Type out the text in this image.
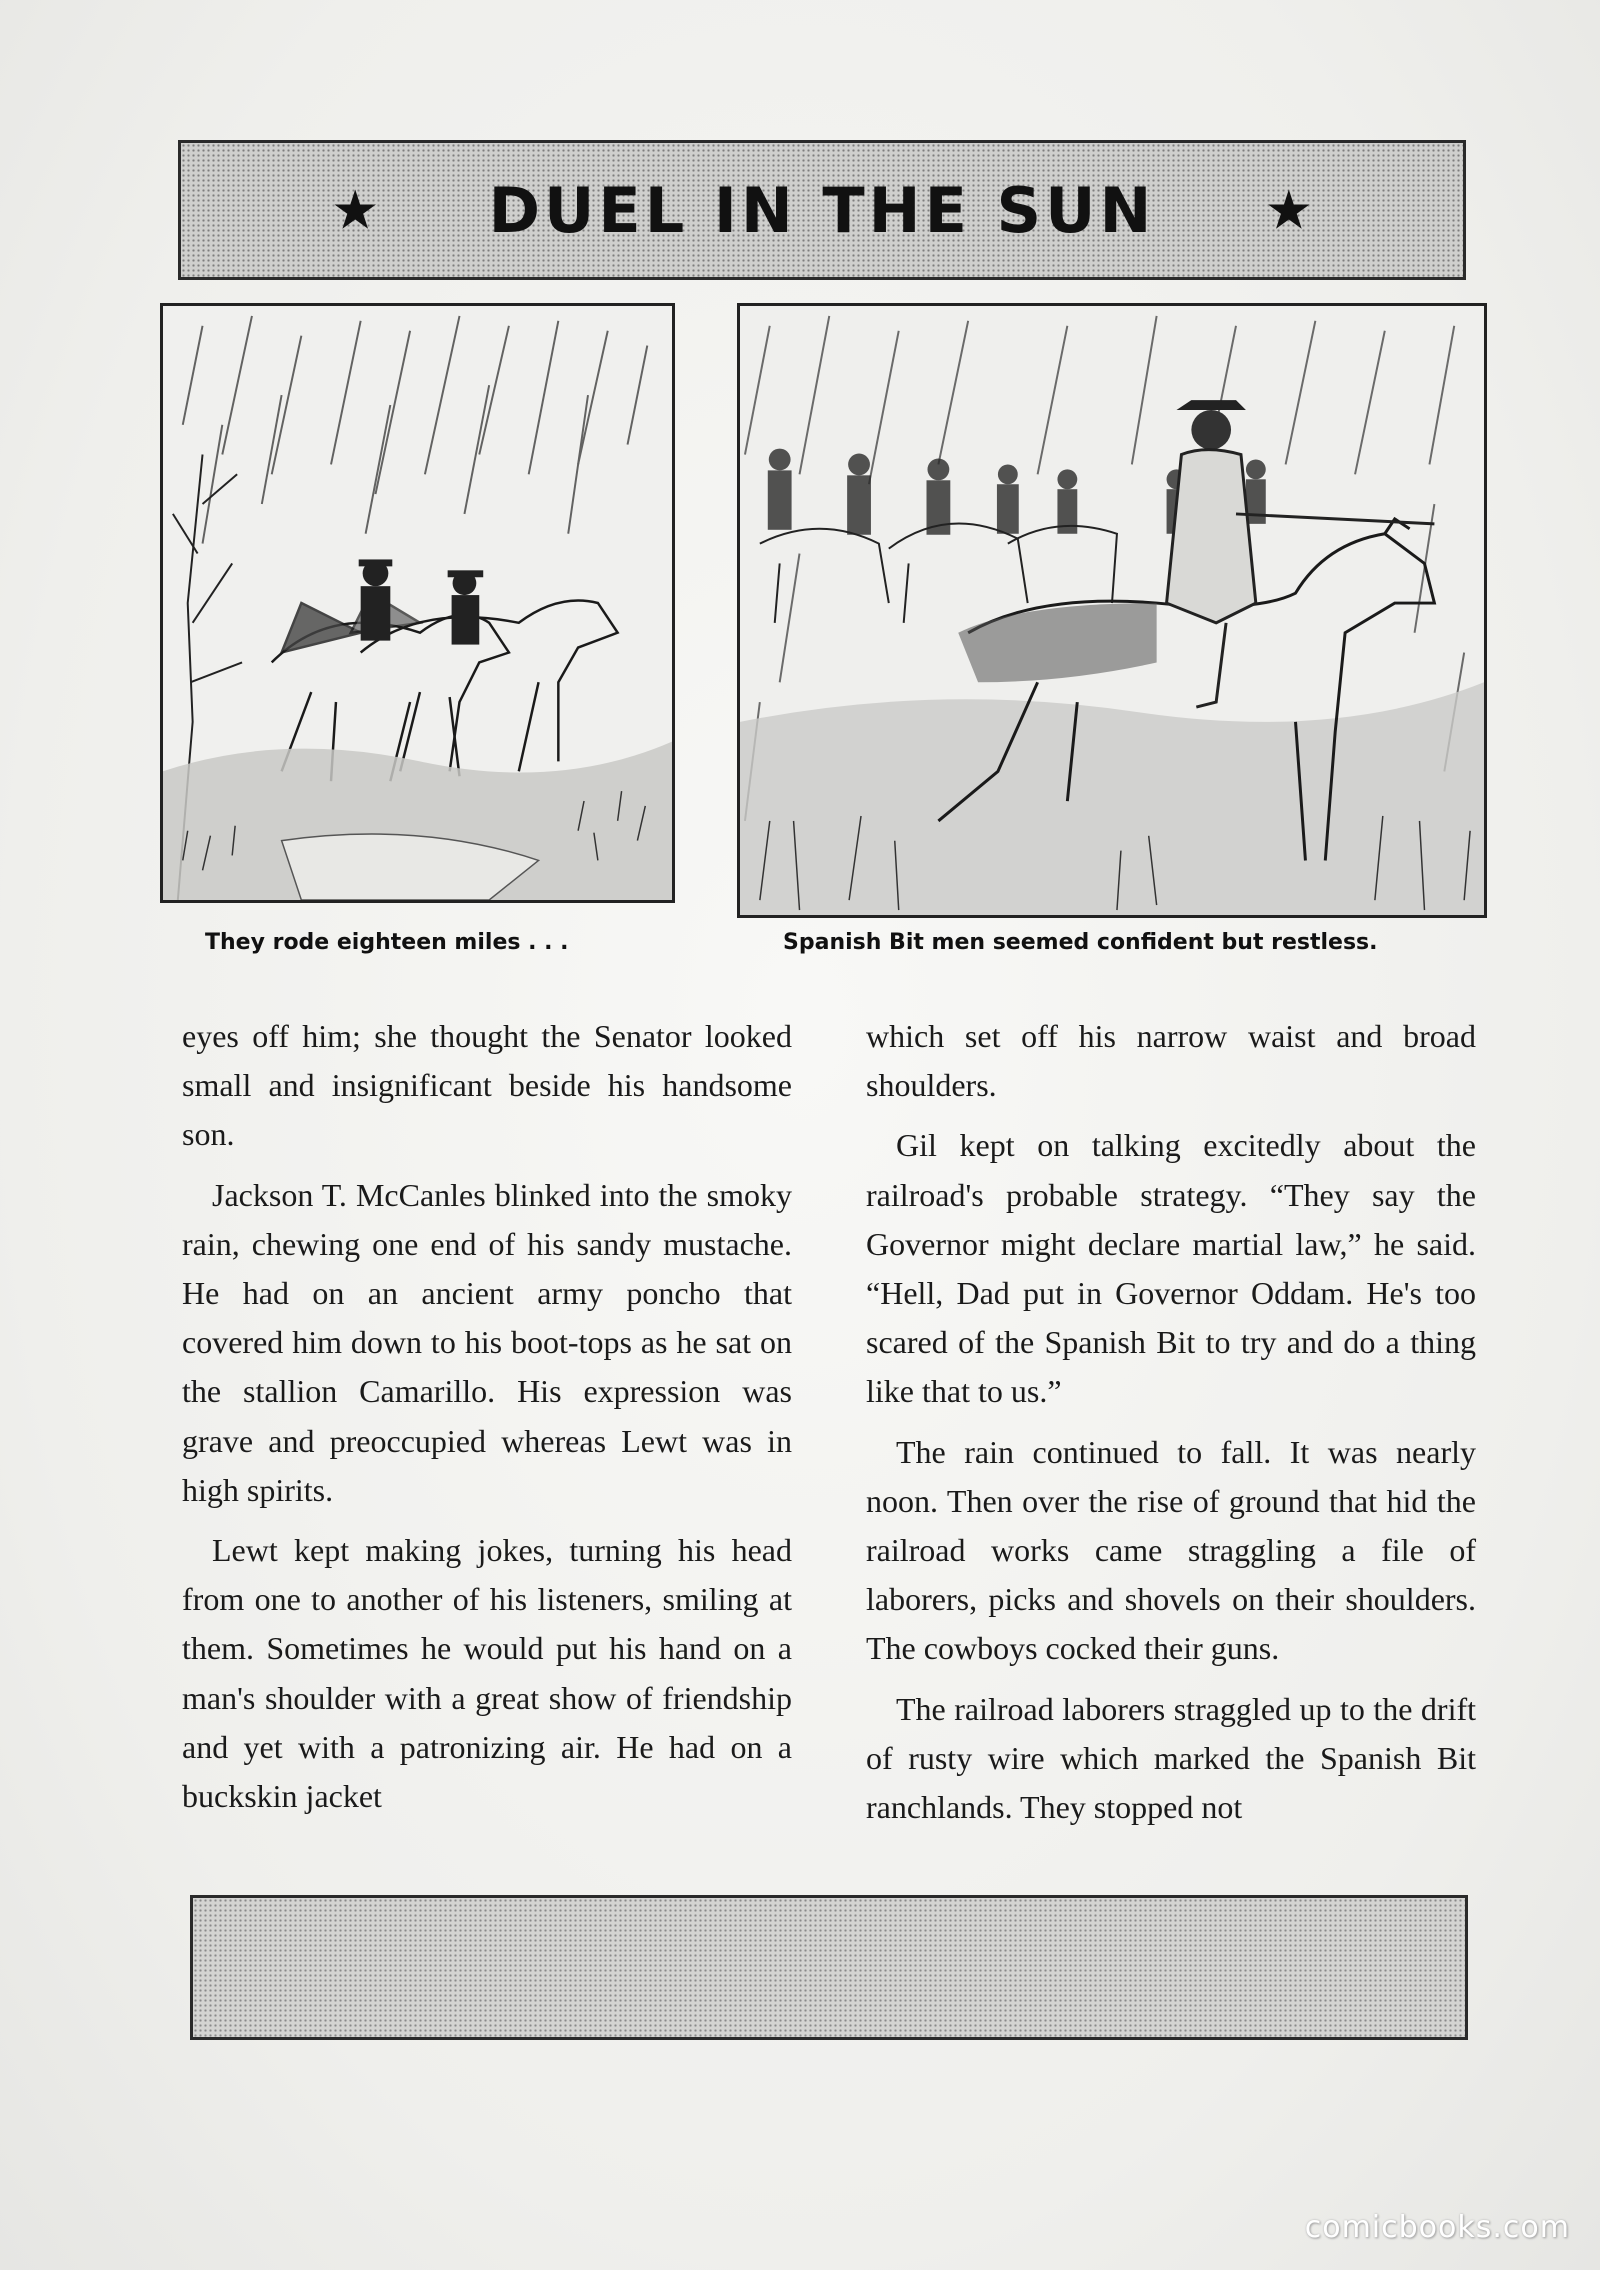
★ DUEL IN THE SUN ★
They rode eighteen miles . . .	Spanish Bit men seemed confident but restless.

eyes off him; she thought the Senator looked small and insignificant beside his handsome son.

Jackson T. McCanles blinked into the smoky rain, chewing one end of his sandy mustache. He had on an ancient army poncho that covered him down to his boot-tops as he sat on the stallion Camarillo. His expression was grave and preoccupied whereas Lewt was in high spirits.

Lewt kept making jokes, turning his head from one to another of his listeners, smiling at them. Sometimes he would put his hand on a man's shoulder with a great show of friendship and yet with a patronizing air. He had on a buckskin jacket

which set off his narrow waist and broad shoulders.

Gil kept on talking excitedly about the railroad's probable strategy. “They say the Governor might declare martial law,” he said. “Hell, Dad put in Governor Oddam. He's too scared of the Spanish Bit to try and do a thing like that to us.”

The rain continued to fall. It was nearly noon. Then over the rise of ground that hid the railroad works came straggling a file of laborers, picks and shovels on their shoulders. The cowboys cocked their guns.

The railroad laborers straggled up to the drift of rusty wire which marked the Spanish Bit ranchlands. They stopped not

comicbooks.com
